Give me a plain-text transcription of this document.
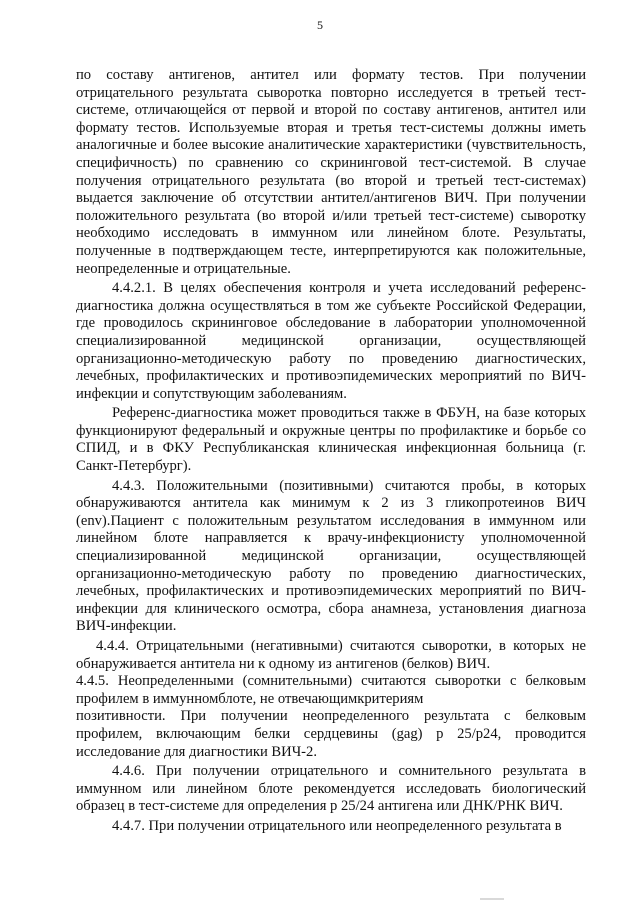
5

по составу антигенов, антител или формату тестов. При получении отрицательного результата сыворотка повторно исследуется в третьей тест-системе, отличающейся от первой и второй по составу антигенов, антител или формату тестов. Используемые вторая и третья тест-системы должны иметь аналогичные и более высокие аналитические характеристики (чувствительность, специфичность) по сравнению со скрининговой тест-системой. В случае получения отрицательного результата (во второй и третьей тест-системах) выдается заключение об отсутствии антител/антигенов ВИЧ. При получении положительного результата (во второй и/или третьей тест-системе) сыворотку необходимо исследовать в иммунном или линейном блоте. Результаты, полученные в подтверждающем тесте, интерпретируются как положительные, неопределенные и отрицательные.

4.4.2.1. В целях обеспечения контроля и учета исследований референс-диагностика должна осуществляться в том же субъекте Российской Федерации, где проводилось скрининговое обследование в лаборатории уполномоченной специализированной медицинской организации, осуществляющей организационно-методическую работу по проведению диагностических, лечебных, профилактических и противоэпидемических мероприятий по ВИЧ-инфекции и сопутствующим заболеваниям.

Референс-диагностика может проводиться также в ФБУН, на базе которых функционируют федеральный и окружные центры по профилактике и борьбе со СПИД, и в ФКУ Республиканская клиническая инфекционная больница (г. Санкт-Петербург).

4.4.3. Положительными (позитивными) считаются пробы, в которых обнаруживаются антитела как минимум к 2 из 3 гликопротеинов ВИЧ (env).Пациент с положительным результатом исследования в иммунном или линейном блоте направляется к врачу-инфекционисту уполномоченной специализированной медицинской организации, осуществляющей организационно-методическую работу по проведению диагностических, лечебных, профилактических и противоэпидемических мероприятий по ВИЧ-инфекции для клинического осмотра, сбора анамнеза, установления диагноза ВИЧ-инфекции.

4.4.4. Отрицательными (негативными) считаются сыворотки, в которых не обнаруживается антитела ни к одному из антигенов (белков) ВИЧ.

4.4.5. Неопределенными (сомнительными) считаются сыворотки с белковым профилем в иммунномблоте, не отвечающимкритериям

позитивности. При получении неопределенного результата с белковым профилем, включающим белки сердцевины (gag) р 25/р24, проводится исследование для диагностики ВИЧ-2.

4.4.6. При получении отрицательного и сомнительного результата в иммунном или линейном блоте рекомендуется исследовать биологический образец в тест-системе для определения р 25/24 антигена или ДНК/РНК ВИЧ.

4.4.7. При получении отрицательного или неопределенного результата в
